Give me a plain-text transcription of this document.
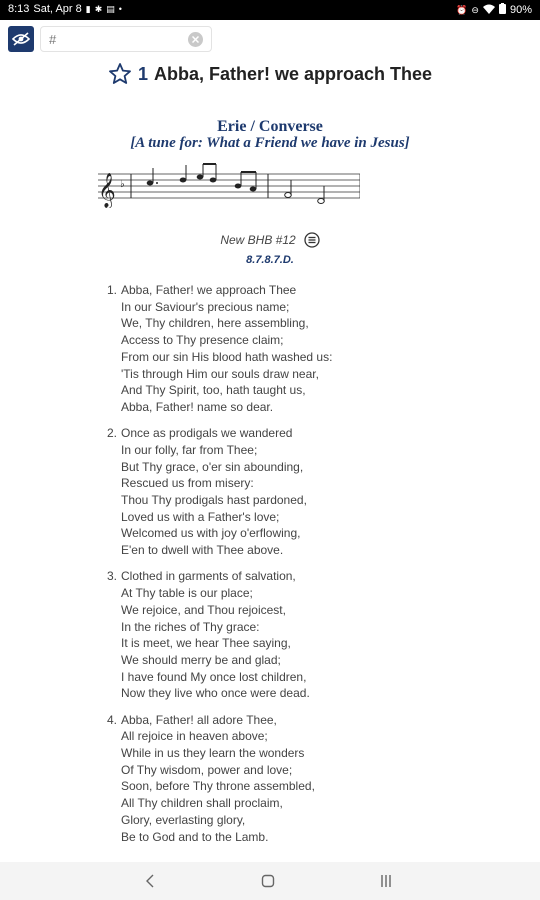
8:13 Sat, Apr 8 ▮ ✱ ▤ •	⏰ ⊖	90%
#
1 Abba, Father! we approach Thee
Erie / Converse
[A tune for: What a Friend we have in Jesus]
𝄞 ♭
New BHB #12
8.7.8.7.D.
1. Abba, Father! we approach Thee
In our Saviour's precious name;
We, Thy children, here assembling,
Access to Thy presence claim;
From our sin His blood hath washed us:
'Tis through Him our souls draw near,
And Thy Spirit, too, hath taught us,
Abba, Father! name so dear.
2. Once as prodigals we wandered
In our folly, far from Thee;
But Thy grace, o'er sin abounding,
Rescued us from misery:
Thou Thy prodigals hast pardoned,
Loved us with a Father's love;
Welcomed us with joy o'erflowing,
E'en to dwell with Thee above.
3. Clothed in garments of salvation,
At Thy table is our place;
We rejoice, and Thou rejoicest,
In the riches of Thy grace:
It is meet, we hear Thee saying,
We should merry be and glad;
I have found My once lost children,
Now they live who once were dead.
4. Abba, Father! all adore Thee,
All rejoice in heaven above;
While in us they learn the wonders
Of Thy wisdom, power and love;
Soon, before Thy throne assembled,
All Thy children shall proclaim,
Glory, everlasting glory,
Be to God and to the Lamb.
